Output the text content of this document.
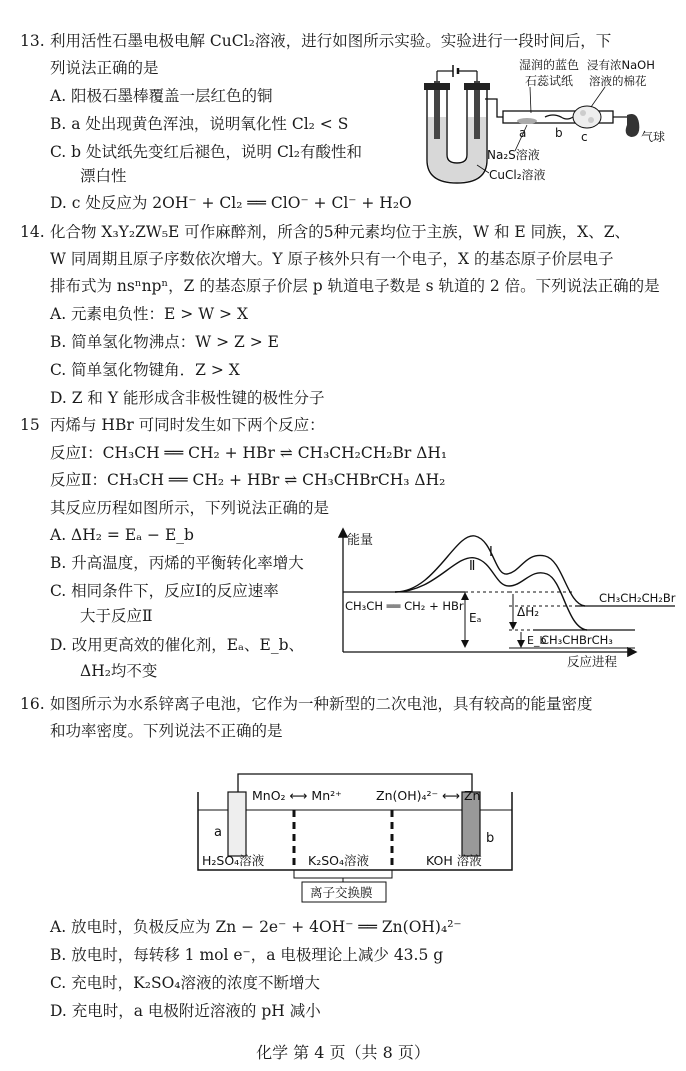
13. 利用活性石墨电极电解 CuCl₂溶液，进行如图所示实验。实验进行一段时间后，下
列说法正确的是
A. 阳极石墨棒覆盖一层红色的铜
B. a 处出现黄色浑浊，说明氧化性 Cl₂ < S
C. b 处试纸先变红后褪色，说明 Cl₂有酸性和
漂白性
D. c 处反应为 2OH⁻ + Cl₂ ══ ClO⁻ + Cl⁻ + H₂O
湿润的蓝色
石蕊试纸
浸有浓NaOH
溶液的棉花
气球
Na₂S溶液
CuCl₂溶液
a b c
14. 化合物 X₃Y₂ZW₅E 可作麻醉剂，所含的5种元素均位于主族，W 和 E 同族，X、Z、
W 同周期且原子序数依次增大。Y 原子核外只有一个电子，X 的基态原子价层电子
排布式为 nsⁿnpⁿ，Z 的基态原子价层 p 轨道电子数是 s 轨道的 2 倍。下列说法正确的是
A. 元素电负性：E > W > X
B. 简单氢化物沸点：W > Z > E
C. 简单氢化物键角．Z > X
D. Z 和 Y 能形成含非极性键的极性分子
15 丙烯与 HBr 可同时发生如下两个反应：
反应Ⅰ：CH₃CH ══ CH₂ + HBr ⇌ CH₃CH₂CH₂Br ΔH₁
反应Ⅱ：CH₃CH ══ CH₂ + HBr ⇌ CH₃CHBrCH₃ ΔH₂
其反应历程如图所示，下列说法正确的是
A. ΔH₂ = Eₐ − E_b
B. 升高温度，丙烯的平衡转化率增大
C. 相同条件下，反应Ⅰ的反应速率
大于反应Ⅱ
D. 改用更高效的催化剂，Eₐ、E_b、
ΔH₂均不变
能量
反应进程
CH₃CH ══ CH₂ + HBr
Ⅰ
Ⅱ
CH₃CH₂CH₂Br
CH₃CHBrCH₃
Eₐ	ΔH₂
E_b
16. 如图所示为水系锌离子电池，它作为一种新型的二次电池，具有较高的能量密度
和功率密度。下列说法不正确的是
MnO₂ ⟷ Mn²⁺	Zn(OH)₄²⁻ ⟷ Zn
a	b
H₂SO₄溶液	K₂SO₄溶液	KOH 溶液
离子交换膜
A. 放电时，负极反应为 Zn − 2e⁻ + 4OH⁻ ══ Zn(OH)₄²⁻
B. 放电时，每转移 1 mol e⁻，a 电极理论上减少 43.5 g
C. 充电时，K₂SO₄溶液的浓度不断增大
D. 充电时，a 电极附近溶液的 pH 减小
化学 第 4 页（共 8 页）
